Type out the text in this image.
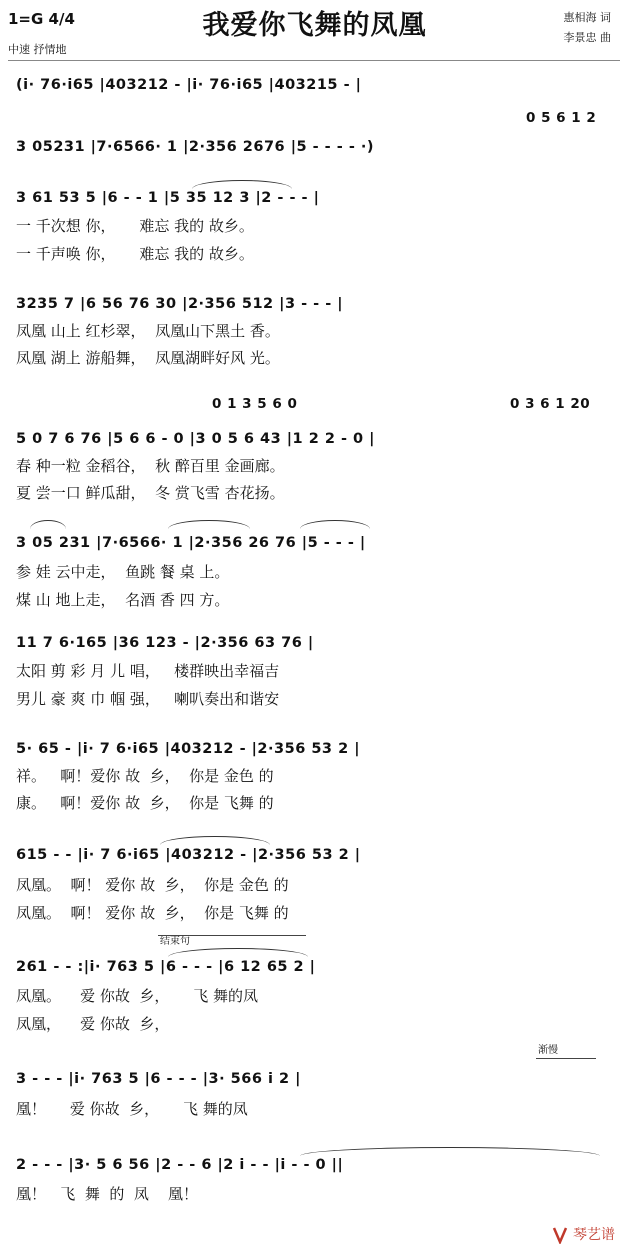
1=G 4/4
中速 抒情地
我爱你飞舞的凤凰	惠相海 词
李景忠 曲
(i· 76·i65 |403212 - |i· 76·i65 |403215 - |
0 5 6 1 2
3 05231 |7·6566· 1 |2·356 2676 |5 - - - - ·)
3 61 53 5 |6 - - 1 |5 35 12 3 |2 - - - |
一 千次想 你，     难忘 我的 故乡。
一 千声唤 你，     难忘 我的 故乡。
3235 7 |6 56 76 30 |2·356 512 |3 - - - |
凤凰 山上 红杉翠，  凤凰山下黑土 香。
凤凰 湖上 游船舞，  凤凰湖畔好风 光。
0 1 3 5 6 0	0 3 6 1 20
5 0 7 6 76 |5 6 6 - 0 |3 0 5 6 43 |1 2 2 - 0 |
春 种一粒 金稻谷，  秋 醉百里 金画廊。
夏 尝一口 鲜瓜甜，  冬 赏飞雪 杏花扬。
3 05 231 |7·6566· 1 |2·356 26 76 |5 - - - |
参 娃 云中走，  鱼跳 餐 桌 上。
煤 山 地上走，  名酒 香 四 方。
11 7 6·165 |36 123 - |2·356 63 76 |
太阳 剪 彩 月 儿 唱，   楼群映出幸福吉
男儿 豪 爽 巾 帼 强，   喇叭奏出和谐安
5· 65 - |i· 7 6·i65 |403212 - |2·356 53 2 |
祥。   啊！爱你 故  乡，  你是 金色 的
康。   啊！爱你 故  乡，  你是 飞舞 的
615 - - |i· 7 6·i65 |403212 - |2·356 53 2 |
凤凰。  啊！ 爱你 故  乡，  你是 金色 的
凤凰。  啊！ 爱你 故  乡，  你是 飞舞 的
结束句
261 - - :|i· 763 5 |6 - - - |6 12 65 2 |
凤凰。    爱 你故  乡，     飞 舞的凤
凤凰，    爱 你故  乡，
渐慢
3 - - - |i· 763 5 |6 - - - |3· 566 i 2 |
凰！     爱 你故  乡，     飞 舞的凤
2 - - - |3· 5 6 56 |2 - - 6 |2 i - - |i - - 0 ||
凰！   飞  舞  的  凤    凰！
琴艺谱
